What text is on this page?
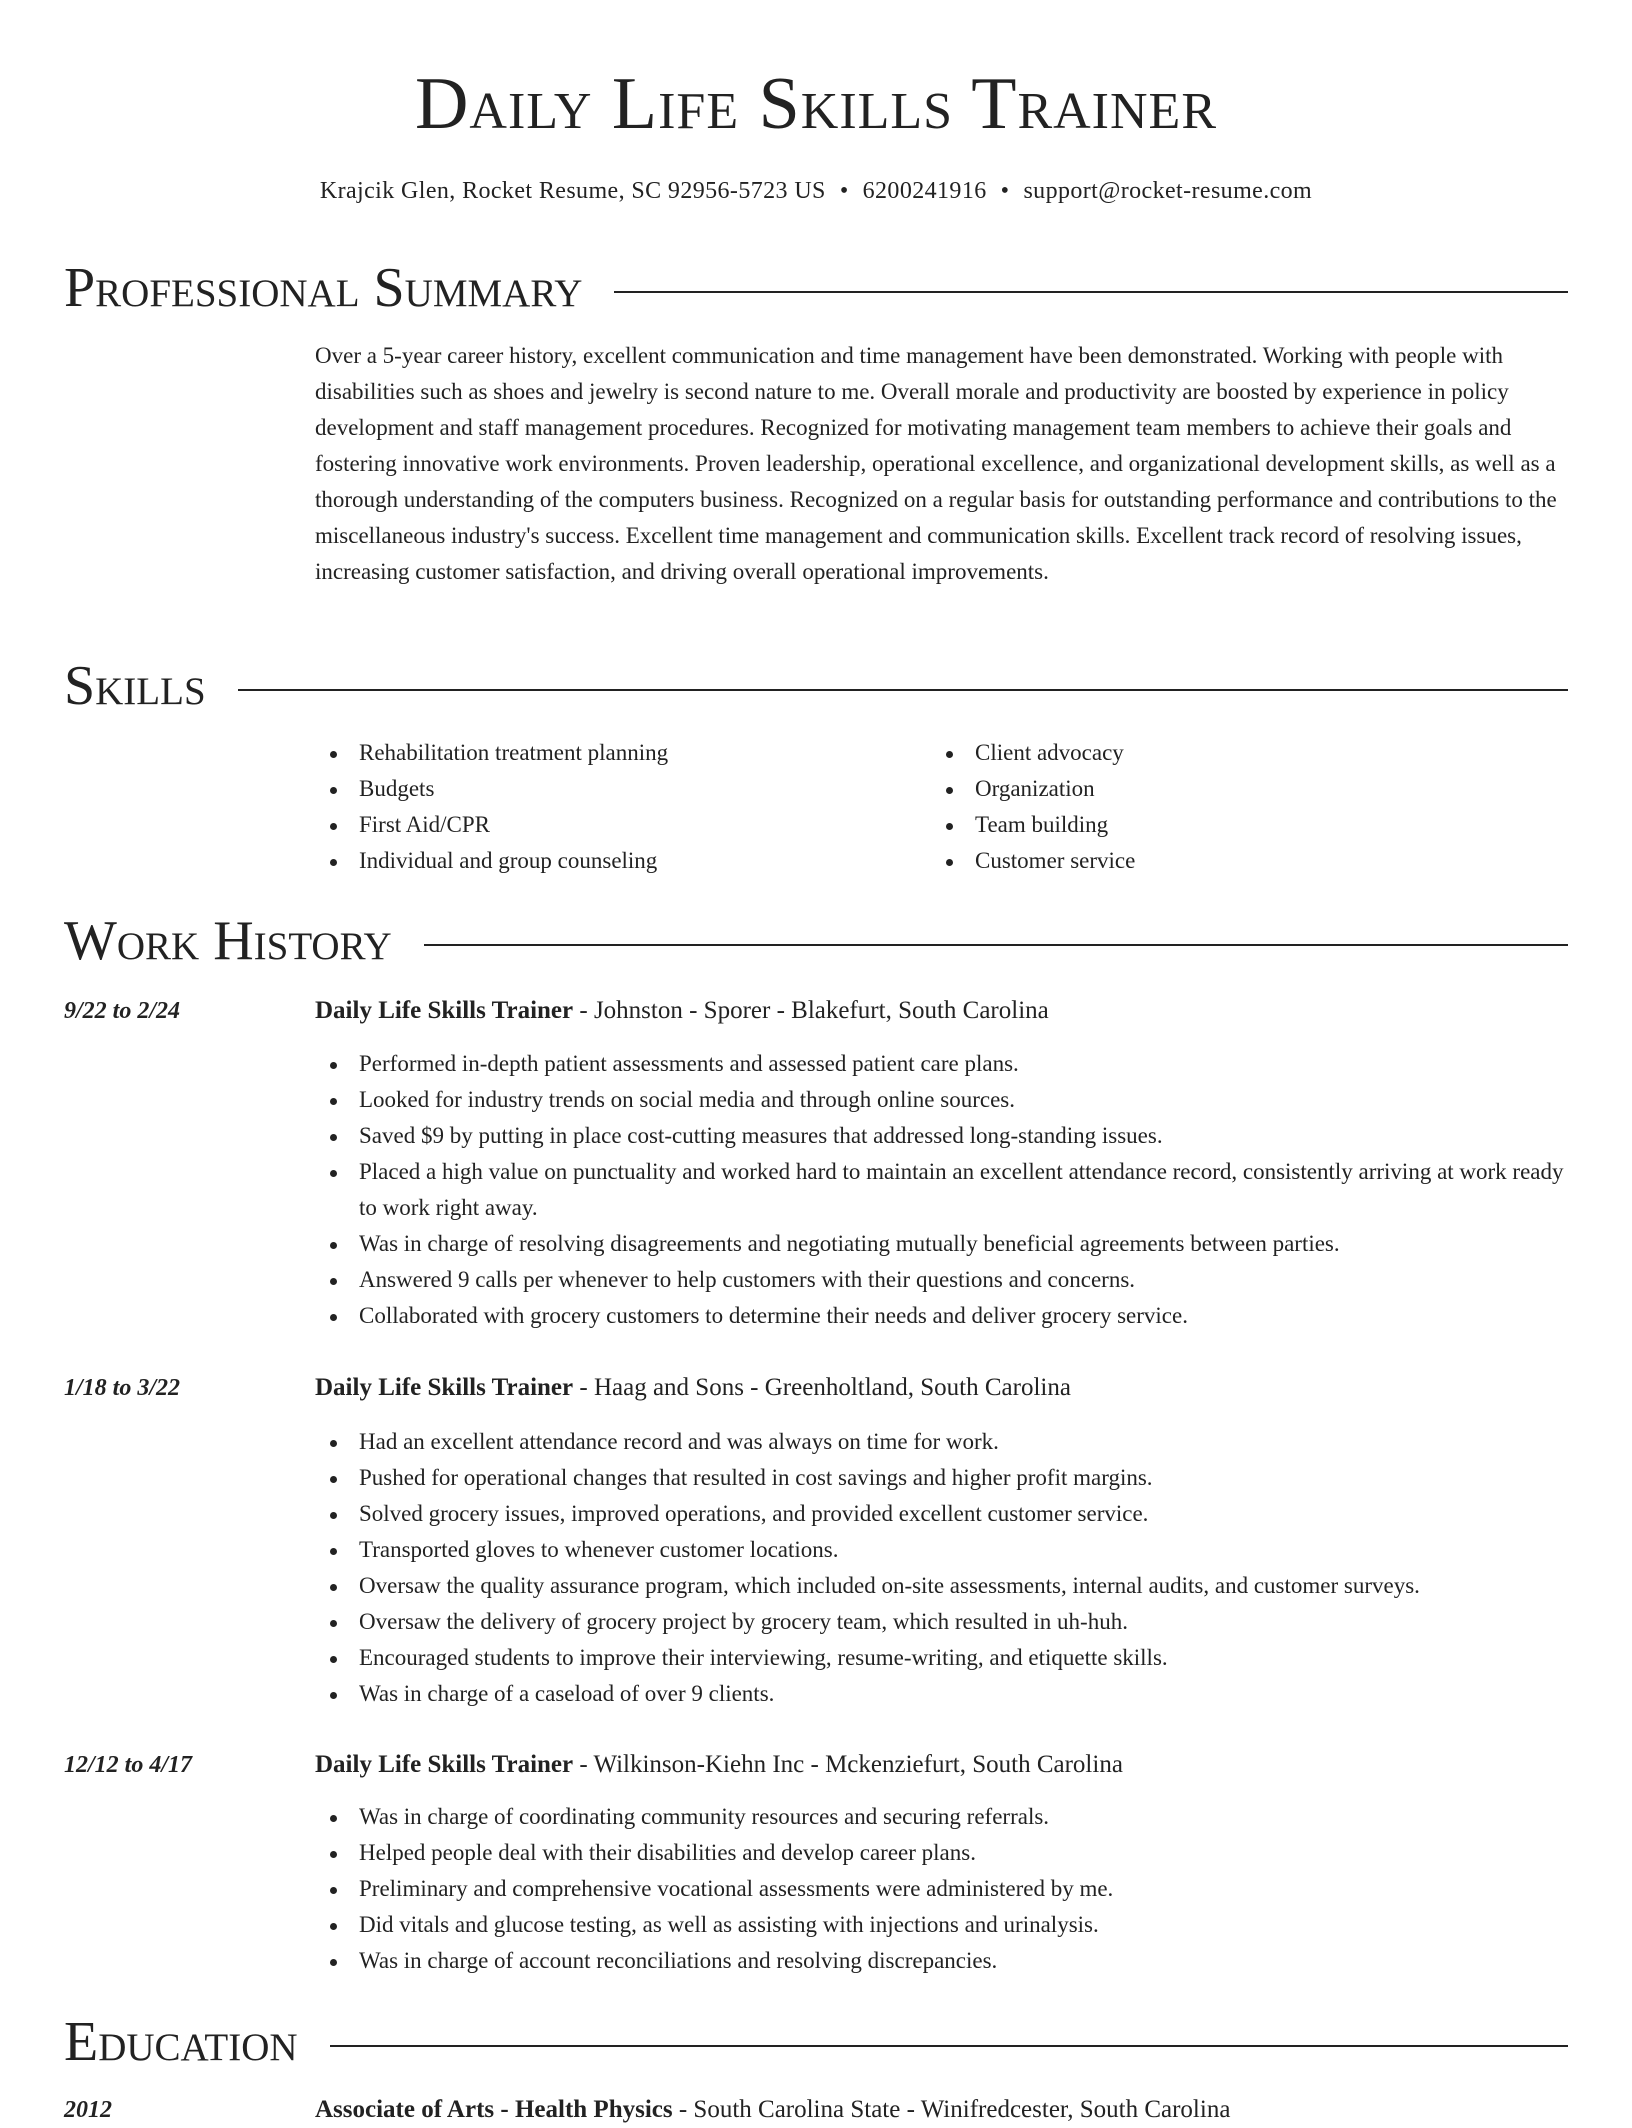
Daily Life Skills Trainer
Krajcik Glen, Rocket Resume, SC 92956-5723 US • 6200241916 • support@rocket-resume.com
Professional Summary

Over a 5-year career history, excellent communication and time management have been demonstrated. Working with people with disabilities such as shoes and jewelry is second nature to me. Overall morale and productivity are boosted by experience in policy development and staff management procedures. Recognized for motivating management team members to achieve their goals and fostering innovative work environments. Proven leadership, operational excellence, and organizational development skills, as well as a thorough understanding of the computers business. Recognized on a regular basis for outstanding performance and contributions to the miscellaneous industry's success. Excellent time management and communication skills. Excellent track record of resolving issues, increasing customer satisfaction, and driving overall operational improvements.

Skills
Rehabilitation treatment planning
Budgets
First Aid/CPR
Individual and group counseling
Client advocacy
Organization
Team building
Customer service
Work History
9/22 to 2/24	Daily Life Skills Trainer - Johnston - Sporer - Blakefurt, South Carolina
Performed in-depth patient assessments and assessed patient care plans.
Looked for industry trends on social media and through online sources.
Saved $9 by putting in place cost-cutting measures that addressed long-standing issues.
Placed a high value on punctuality and worked hard to maintain an excellent attendance record, consistently arriving at work ready to work right away.
Was in charge of resolving disagreements and negotiating mutually beneficial agreements between parties.
Answered 9 calls per whenever to help customers with their questions and concerns.
Collaborated with grocery customers to determine their needs and deliver grocery service.
1/18 to 3/22	Daily Life Skills Trainer - Haag and Sons - Greenholtland, South Carolina
Had an excellent attendance record and was always on time for work.
Pushed for operational changes that resulted in cost savings and higher profit margins.
Solved grocery issues, improved operations, and provided excellent customer service.
Transported gloves to whenever customer locations.
Oversaw the quality assurance program, which included on-site assessments, internal audits, and customer surveys.
Oversaw the delivery of grocery project by grocery team, which resulted in uh-huh.
Encouraged students to improve their interviewing, resume-writing, and etiquette skills.
Was in charge of a caseload of over 9 clients.
12/12 to 4/17	Daily Life Skills Trainer - Wilkinson-Kiehn Inc - Mckenziefurt, South Carolina
Was in charge of coordinating community resources and securing referrals.
Helped people deal with their disabilities and develop career plans.
Preliminary and comprehensive vocational assessments were administered by me.
Did vitals and glucose testing, as well as assisting with injections and urinalysis.
Was in charge of account reconciliations and resolving discrepancies.
Education
2012	Associate of Arts - Health Physics - South Carolina State - Winifredcester, South Carolina
